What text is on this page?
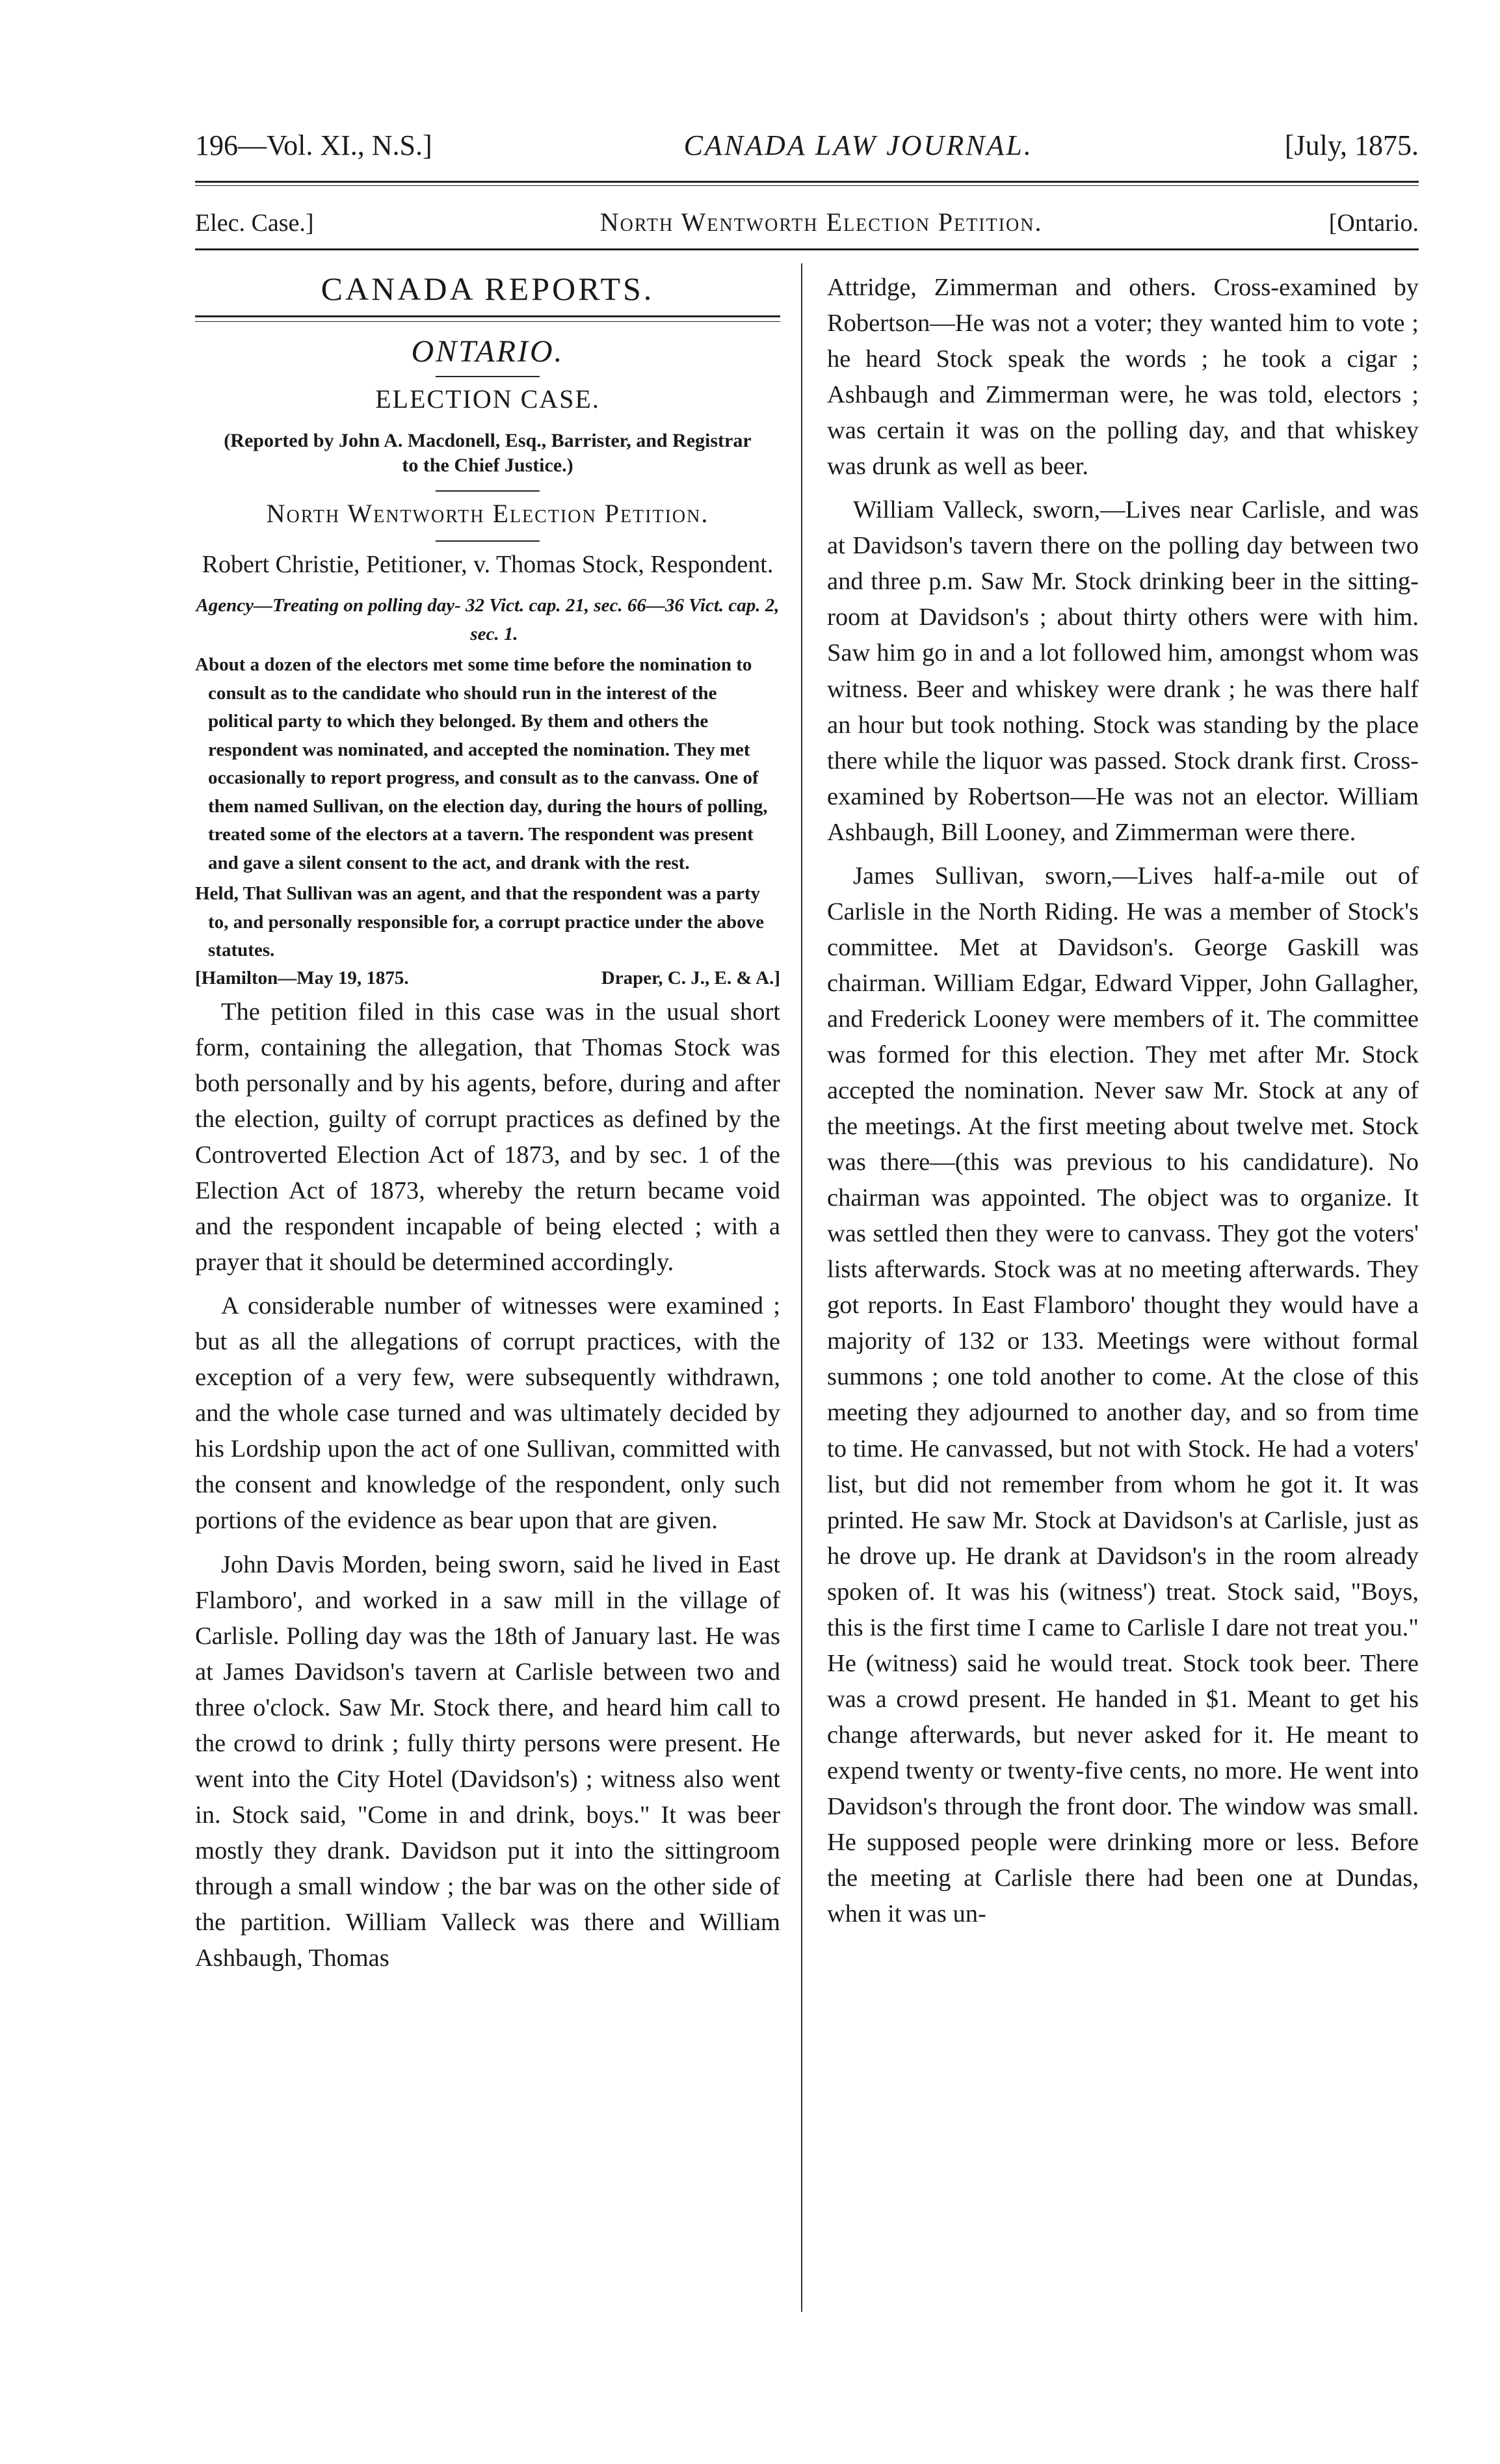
196—Vol. XI., N.S.]	CANADA LAW JOURNAL.	[July, 1875.
Elec. Case.]	North Wentworth Election Petition.	[Ontario.
CANADA REPORTS.
ONTARIO.
ELECTION CASE.
(Reported by John A. Macdonell, Esq., Barrister, and Registrar to the Chief Justice.)
North Wentworth Election Petition.
Robert Christie, Petitioner, v. Thomas Stock, Respondent.

Agency—Treating on polling day- 32 Vict. cap. 21, sec. 66—36 Vict. cap. 2, sec. 1.

About a dozen of the electors met some time before the nomination to consult as to the candidate who should run in the interest of the political party to which they belonged. By them and others the respondent was nominated, and accepted the nomination. They met occasionally to report progress, and consult as to the canvass. One of them named Sullivan, on the election day, during the hours of polling, treated some of the electors at a tavern. The respondent was present and gave a silent consent to the act, and drank with the rest.

Held, That Sullivan was an agent, and that the respondent was a party to, and personally responsible for, a corrupt practice under the above statutes.

[Hamilton—May 19, 1875.	Draper, C. J., E. & A.]

The petition filed in this case was in the usual short form, containing the allegation, that Thomas Stock was both personally and by his agents, before, during and after the election, guilty of corrupt practices as defined by the Controverted Election Act of 1873, and by sec. 1 of the Election Act of 1873, whereby the return became void and the respondent incapable of being elected ; with a prayer that it should be determined accordingly.

A considerable number of witnesses were examined ; but as all the allegations of corrupt practices, with the exception of a very few, were subsequently withdrawn, and the whole case turned and was ultimately decided by his Lordship upon the act of one Sullivan, committed with the consent and knowledge of the respondent, only such portions of the evidence as bear upon that are given.

John Davis Morden, being sworn, said he lived in East Flamboro', and worked in a saw mill in the village of Carlisle. Polling day was the 18th of January last. He was at James Davidson's tavern at Carlisle between two and three o'clock. Saw Mr. Stock there, and heard him call to the crowd to drink ; fully thirty persons were present. He went into the City Hotel (Davidson's) ; witness also went in. Stock said, "Come in and drink, boys." It was beer mostly they drank. Davidson put it into the sittingroom through a small window ; the bar was on the other side of the partition. William Valleck was there and William Ashbaugh, Thomas

Attridge, Zimmerman and others. Cross-examined by Robertson—He was not a voter; they wanted him to vote ; he heard Stock speak the words ; he took a cigar ; Ashbaugh and Zimmerman were, he was told, electors ; was certain it was on the polling day, and that whiskey was drunk as well as beer.

William Valleck, sworn,—Lives near Carlisle, and was at Davidson's tavern there on the polling day between two and three p.m. Saw Mr. Stock drinking beer in the sitting-room at Davidson's ; about thirty others were with him. Saw him go in and a lot followed him, amongst whom was witness. Beer and whiskey were drank ; he was there half an hour but took nothing. Stock was standing by the place there while the liquor was passed. Stock drank first. Cross-examined by Robertson—He was not an elector. William Ashbaugh, Bill Looney, and Zimmerman were there.

James Sullivan, sworn,—Lives half-a-mile out of Carlisle in the North Riding. He was a member of Stock's committee. Met at Davidson's. George Gaskill was chairman. William Edgar, Edward Vipper, John Gallagher, and Frederick Looney were members of it. The committee was formed for this election. They met after Mr. Stock accepted the nomination. Never saw Mr. Stock at any of the meetings. At the first meeting about twelve met. Stock was there—(this was previous to his candidature). No chairman was appointed. The object was to organize. It was settled then they were to canvass. They got the voters' lists afterwards. Stock was at no meeting afterwards. They got reports. In East Flamboro' thought they would have a majority of 132 or 133. Meetings were without formal summons ; one told another to come. At the close of this meeting they adjourned to another day, and so from time to time. He canvassed, but not with Stock. He had a voters' list, but did not remember from whom he got it. It was printed. He saw Mr. Stock at Davidson's at Carlisle, just as he drove up. He drank at Davidson's in the room already spoken of. It was his (witness') treat. Stock said, "Boys, this is the first time I came to Carlisle I dare not treat you." He (witness) said he would treat. Stock took beer. There was a crowd present. He handed in $1. Meant to get his change afterwards, but never asked for it. He meant to expend twenty or twenty-five cents, no more. He went into Davidson's through the front door. The window was small. He supposed people were drinking more or less. Before the meeting at Carlisle there had been one at Dundas, when it was un-
